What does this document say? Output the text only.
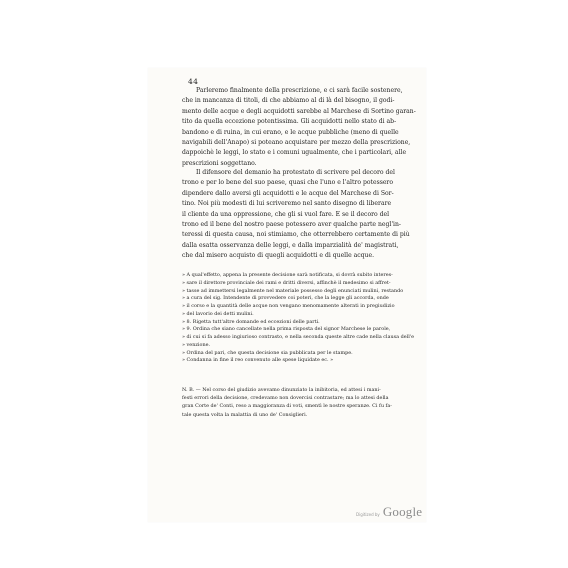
44
Parleremo finalmente della prescrizione, e ci sarà facile sostenere,
che in mancanza di titoli, di che abbiamo al di là del bisogno, il godi-
mento delle acque e degli acquidotti sarebbe al Marchese di Sortino garan-
tito da quella eccezione potentissima. Gli acquidotti nello stato di ab-
bandono e di ruina, in cui erano, e le acque pubbliche (meno di quelle
navigabili dell'Anapo) si poteano acquistare per mezzo della prescrizione,
dappoichè le leggi, lo stato e i comuni ugualmente, che i particolari, alle
prescrizioni soggettano.
Il difensore del demanio ha protestato di scrivere pel decoro del
trono e per lo bene del suo paese, quasi che l'uno e l'altro potessero
dipendere dallo aversi gli acquidotti e le acque del Marchese di Sor-
tino. Noi più modesti di lui scriveremo nel santo disegno di liberare
il cliente da una oppressione, che gli si vuol fare. E se il decoro del
trono ed il bene del nostro paese potessero aver qualche parte negl'in-
teressi di questa causa, noi stimiamo, che otterrebbero certamente di più
dalla esatta osservanza delle leggi, e dalla imparzialità de' magistrati,
che dal misero acquisto di quegli acquidotti e di quelle acque.
» A qual'effetto, appena la presente decisione sarà notificata, si dovrà subito interes-
» sare il direttore provinciale dei rami e dritti diversi, affinchè il medesimo si affret-
» tasse ad immettersi legalmente nel materiale possesso degli enunciati mulini, restando
» a cura del sig. Intendente di provvedere coi poteri, che la legge gli accorda, onde
» il corso e la quantità delle acque non vengano menomamente alterati in pregiudizio
» del lavorio dei detti mulini.
» 8. Rigetta tutt'altre domande ed eccezioni delle parti.
» 9. Ordina che siano cancellate nella prima risposta del signor Marchese le parole,
» di cui si fa adesso ingiurioso contrasto, e nella seconda queste altre cade nella clausa dell'e
» venzione.
» Ordina del pari, che questa decisione sia pubblicata per le stampe.
» Condanna in fine il reo convenuto alle spese liquidate ec. »
N. B. — Nel corso del giudizio avevamo dinunziato la inibitoria, ed attesi i mani-
festi errori della decisione, credevamo non dovercisi contrastare; ma lo attesi della
gran Corte de' Conti, reso a maggioranza di voti, smentì le nostre speranze. Ci fu fa-
tale questa volta la malattia di uno de' Consiglieri.
Digitized by Google
